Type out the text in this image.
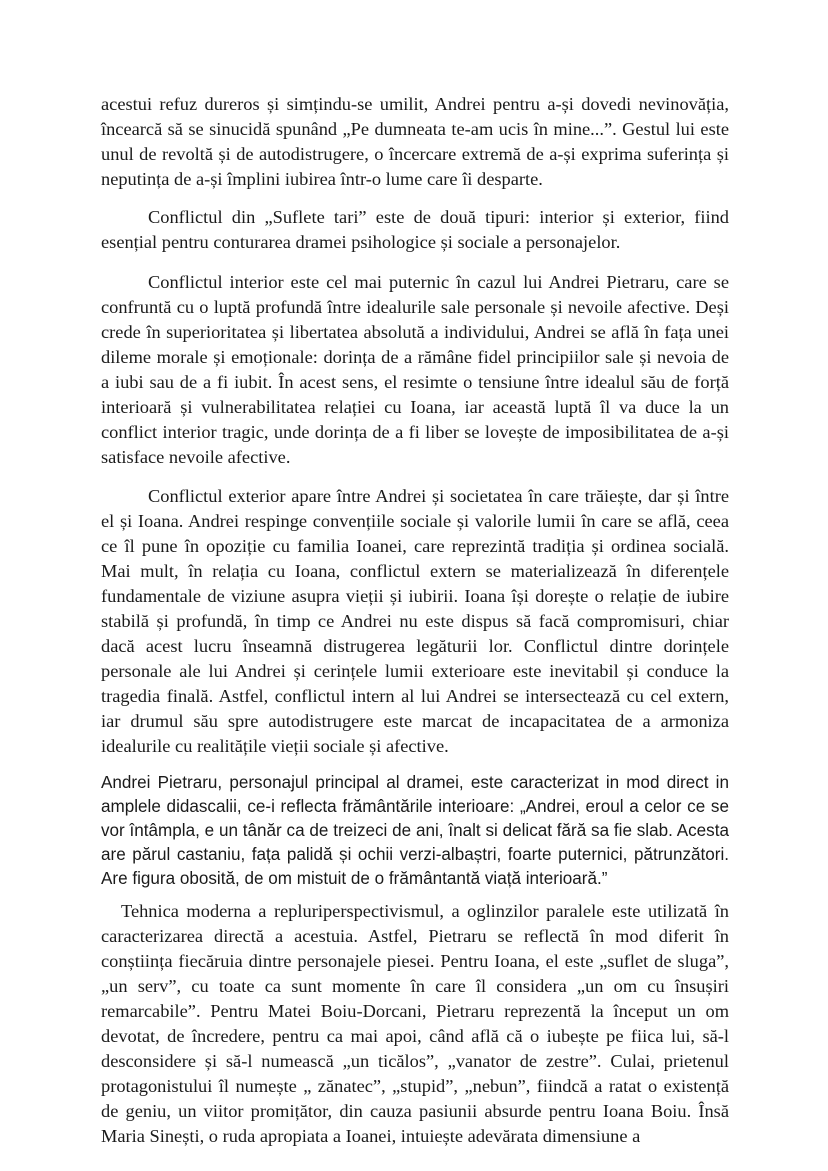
acestui refuz dureros și simțindu-se umilit, Andrei pentru a-și dovedi nevinovăția, încearcă să se sinucidă spunând „Pe dumneata te-am ucis în mine...”. Gestul lui este unul de revoltă și de autodistrugere, o încercare extremă de a-și exprima suferința și neputința de a-și împlini iubirea într-o lume care îi desparte.

Conflictul din „Suflete tari” este de două tipuri: interior și exterior, fiind esențial pentru conturarea dramei psihologice și sociale a personajelor.

Conflictul interior este cel mai puternic în cazul lui Andrei Pietraru, care se confruntă cu o luptă profundă între idealurile sale personale și nevoile afective. Deși crede în superioritatea și libertatea absolută a individului, Andrei se află în fața unei dileme morale și emoționale: dorința de a rămâne fidel principiilor sale și nevoia de a iubi sau de a fi iubit. În acest sens, el resimte o tensiune între idealul său de forță interioară și vulnerabilitatea relației cu Ioana, iar această luptă îl va duce la un conflict interior tragic, unde dorința de a fi liber se lovește de imposibilitatea de a-și satisface nevoile afective.

Conflictul exterior apare între Andrei și societatea în care trăiește, dar și între el și Ioana. Andrei respinge convențiile sociale și valorile lumii în care se află, ceea ce îl pune în opoziție cu familia Ioanei, care reprezintă tradiția și ordinea socială. Mai mult, în relația cu Ioana, conflictul extern se materializează în diferențele fundamentale de viziune asupra vieții și iubirii. Ioana își dorește o relație de iubire stabilă și profundă, în timp ce Andrei nu este dispus să facă compromisuri, chiar dacă acest lucru înseamnă distrugerea legăturii lor. Conflictul dintre dorințele personale ale lui Andrei și cerințele lumii exterioare este inevitabil și conduce la tragedia finală. Astfel, conflictul intern al lui Andrei se intersectează cu cel extern, iar drumul său spre autodistrugere este marcat de incapacitatea de a armoniza idealurile cu realitățile vieții sociale și afective.

Andrei Pietraru, personajul principal al dramei, este caracterizat in mod direct in amplele didascalii, ce-i reflecta frământările interioare: „Andrei, eroul a celor ce se vor întâmpla, e un tânăr ca de treizeci de ani, înalt si delicat fără sa fie slab. Acesta are părul castaniu, fața palidă și ochii verzi-albaștri, foarte puternici, pătrunzători. Are figura obosită, de om mistuit de o frământantă viață interioară.”

Tehnica moderna a repluriperspectivismul, a oglinzilor paralele este utilizată în caracterizarea directă a acestuia. Astfel, Pietraru se reflectă în mod diferit în conștiința fiecăruia dintre personajele piesei. Pentru Ioana, el este „suflet de sluga”, „un serv”, cu toate ca sunt momente în care îl considera „un om cu însușiri remarcabile”. Pentru Matei Boiu-Dorcani, Pietraru reprezentă la început un om devotat, de încredere, pentru ca mai apoi, când află că o iubește pe fiica lui, să-l desconsidere și să-l numească „un ticălos”, „vanator de zestre”. Culai, prietenul protagonistului îl numește „ zănatec”, „stupid”, „nebun”, fiindcă a ratat o existență de geniu, un viitor promițător, din cauza pasiunii absurde pentru Ioana Boiu. Însă Maria Sinești, o ruda apropiata a Ioanei, intuiește adevărata dimensiune a
